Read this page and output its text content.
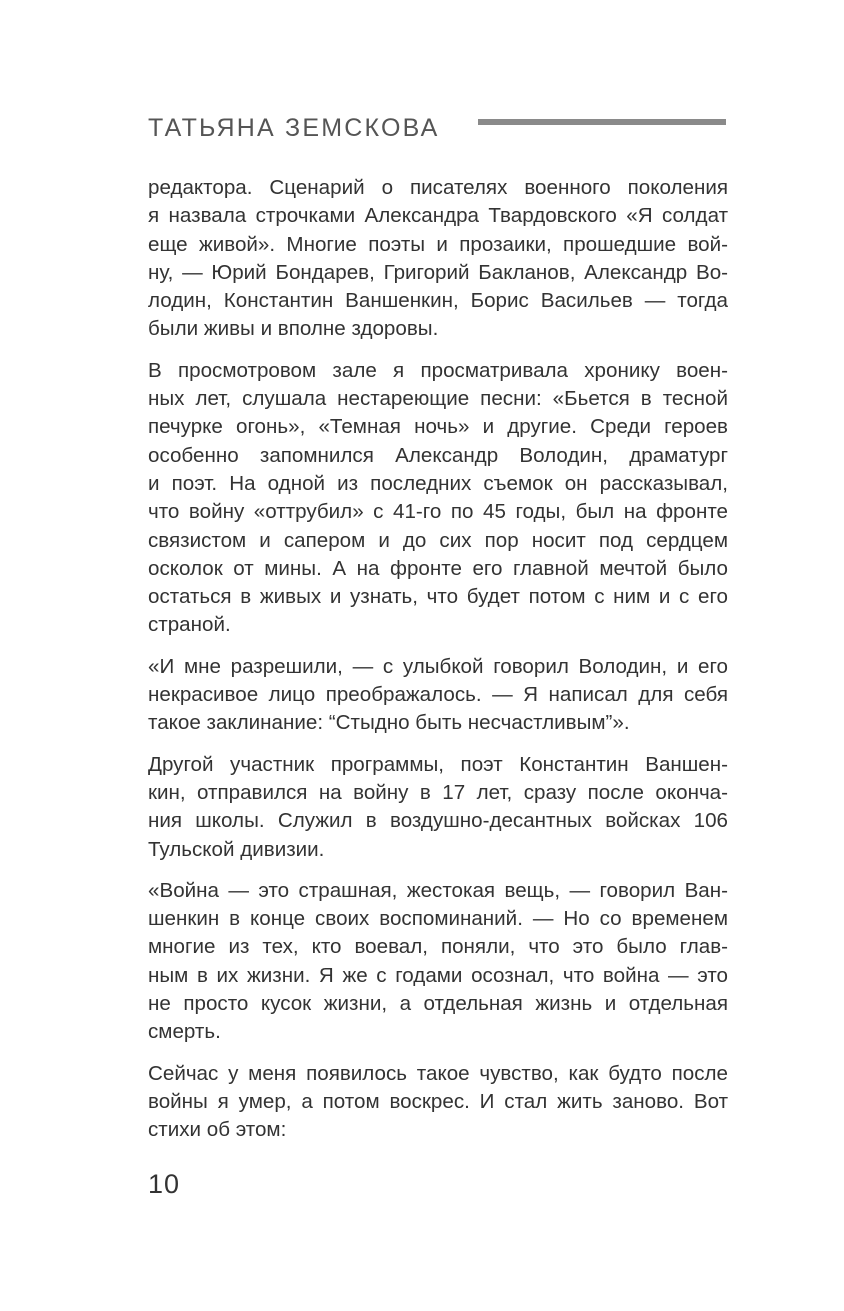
ТАТЬЯНА ЗЕМСКОВА

редактора. Сценарий о писателях военного поколения
я назвала строчками Александра Твардовского «Я солдат
еще живой». Многие поэты и прозаики, прошедшие вой-
ну, — Юрий Бондарев, Григорий Бакланов, Александр Во-
лодин, Константин Ваншенкин, Борис Васильев — тогда
были живы и вполне здоровы.

В просмотровом зале я просматривала хронику воен-
ных лет, слушала нестареющие песни: «Бьется в тесной
печурке огонь», «Темная ночь» и другие. Среди героев
особенно запомнился Александр Володин, драматург
и поэт. На одной из последних съемок он рассказывал,
что войну «оттрубил» с 41-го по 45 годы, был на фронте
связистом и сапером и до сих пор носит под сердцем
осколок от мины. А на фронте его главной мечтой было
остаться в живых и узнать, что будет потом с ним и с его
страной.

«И мне разрешили, — с улыбкой говорил Володин, и его
некрасивое лицо преображалось. — Я написал для себя
такое заклинание: “Стыдно быть несчастливым”».

Другой участник программы, поэт Константин Ваншен-
кин, отправился на войну в 17 лет, сразу после оконча-
ния школы. Служил в воздушно-десантных войсках 106
Тульской дивизии.

«Война — это страшная, жестокая вещь, — говорил Ван-
шенкин в конце своих воспоминаний. — Но со временем
многие из тех, кто воевал, поняли, что это было глав-
ным в их жизни. Я же с годами осознал, что война — это
не просто кусок жизни, а отдельная жизнь и отдельная
смерть.

Сейчас у меня появилось такое чувство, как будто после
войны я умер, а потом воскрес. И стал жить заново. Вот
стихи об этом:

10
